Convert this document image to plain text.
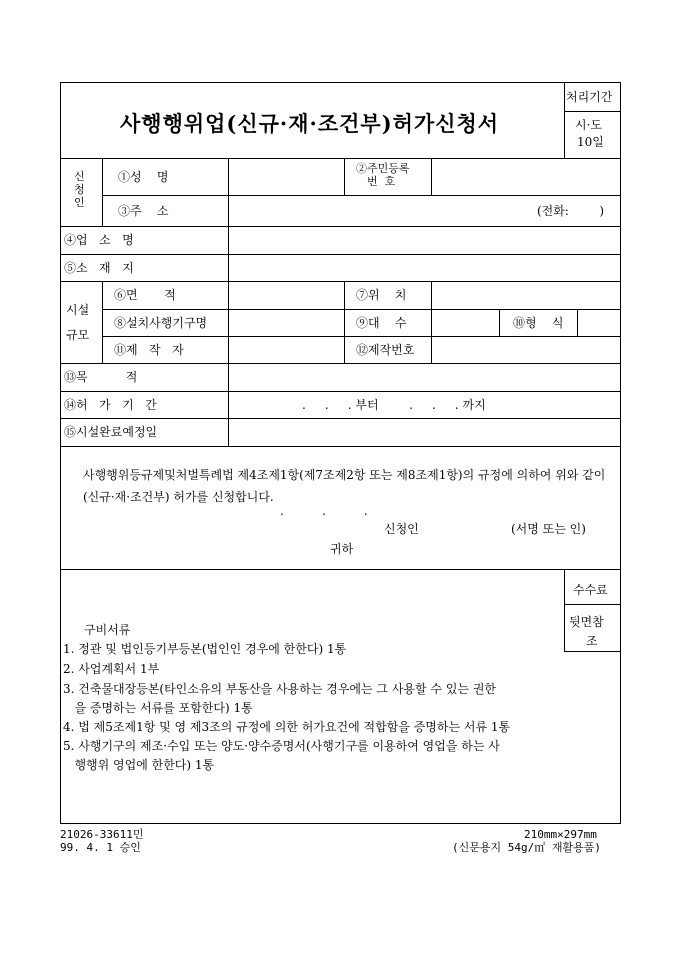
사행행위업(신규·재·조건부)허가신청서
처리기간
시·도
10일
신청인
①성    명
②주민등록
번  호
③주    소	(전화:        )
④업   소   명
⑤소   재   지
시설
규모
⑥면       적	⑦위    치
⑧설치사행기구명	⑨대    수	⑩형    식
⑪제   작   자	⑫제작번호
⑬목          적
⑭허   가   기   간	.     .     . 부터        .     .     . 까지
⑮시설완료예정일
사행행위등규제및처벌특례법 제4조제1항(제7조제2항 또는 제8조제1항)의 규정에 의하여 위와 같이 (신규·재·조건부) 허가를 신청합니다.
.          .          .
신청인	(서명 또는 인)
귀하
수수료
뒷면참
조
구비서류
1. 정관 및 법인등기부등본(법인인 경우에 한한다) 1통
2. 사업계획서 1부
3. 건축물대장등본(타인소유의 부동산을 사용하는 경우에는 그 사용할 수 있는 권한
을 증명하는 서류를 포함한다) 1통
4. 법 제5조제1항 및 영 제3조의 규정에 의한 허가요건에 적합함을 증명하는 서류 1통
5. 사행기구의 제조·수입 또는 양도·양수증명서(사행기구를 이용하여 영업을 하는 사
행행위 영업에 한한다) 1통
21026-33611민
99. 4. 1 승인
210mm×297mm
(신문용지 54g/㎡ 재활용품)
